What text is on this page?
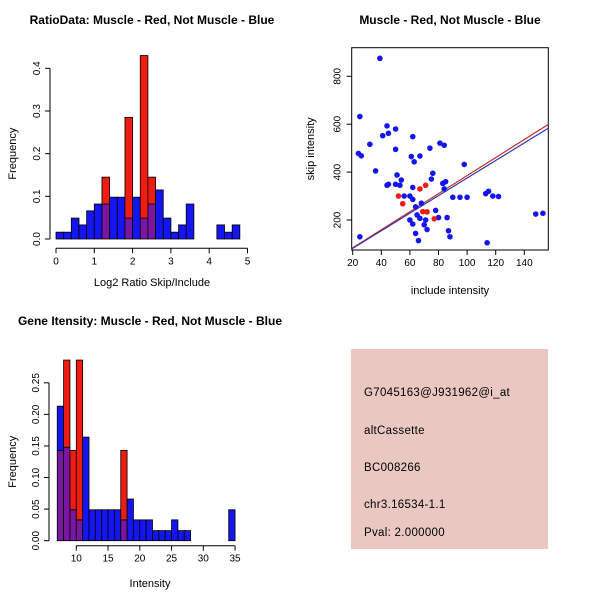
RatioData: Muscle - Red, Not Muscle - Blue
0.0
0.1
0.2
0.3
0.4
Frequency
0	1	2	3	4	5
Log2 Ratio Skip/Include
Muscle - Red, Not Muscle - Blue
20 40 60 80 100 120 140
200
400
600
800
include intensity
skip intensity
Gene Itensity: Muscle - Red, Not Muscle - Blue
0.00
0.05
0.10
0.15
0.20
0.25
Frequency
10 15 20 25 30 35
Intensity
G7045163@J931962@i_at
altCassette
BC008266
chr3.16534-1.1
Pval: 2.000000
